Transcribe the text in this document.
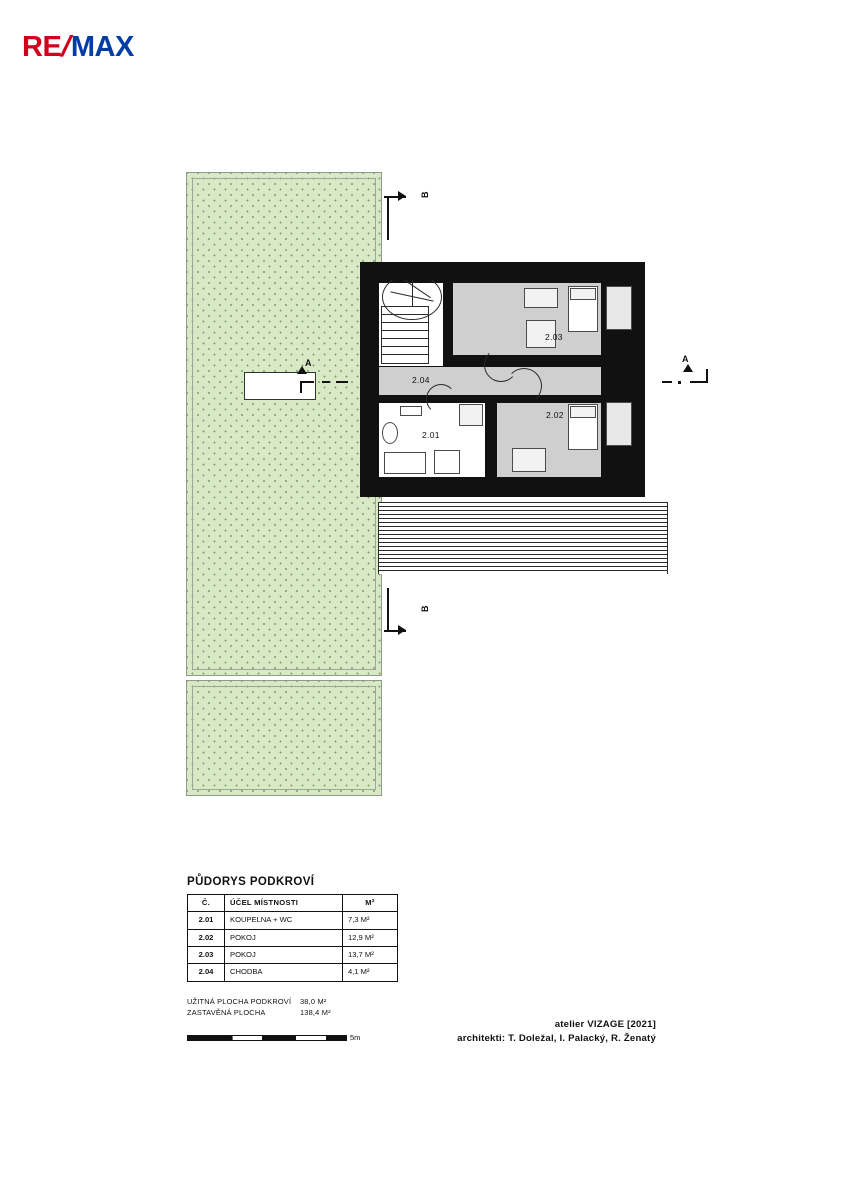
RE
/
MAX
2.03
2.04
2.01
2.02
B
B
A	A
PŮDORYS PODKROVÍ
Č.	ÚČEL MÍSTNOSTI	M²
2.01	KOUPELNA + WC	7,3 M²
2.02	POKOJ	12,9 M²
2.03	POKOJ	13,7 M²
2.04	CHODBA	4,1 M²
UŽITNÁ PLOCHA PODKROVÍ	38,0 M²
ZASTAVĚNÁ PLOCHA	138,4 M²
1m	5m
atelier VIZAGE [2021]
architekti: T. Doležal, I. Palacký, R. Ženatý
